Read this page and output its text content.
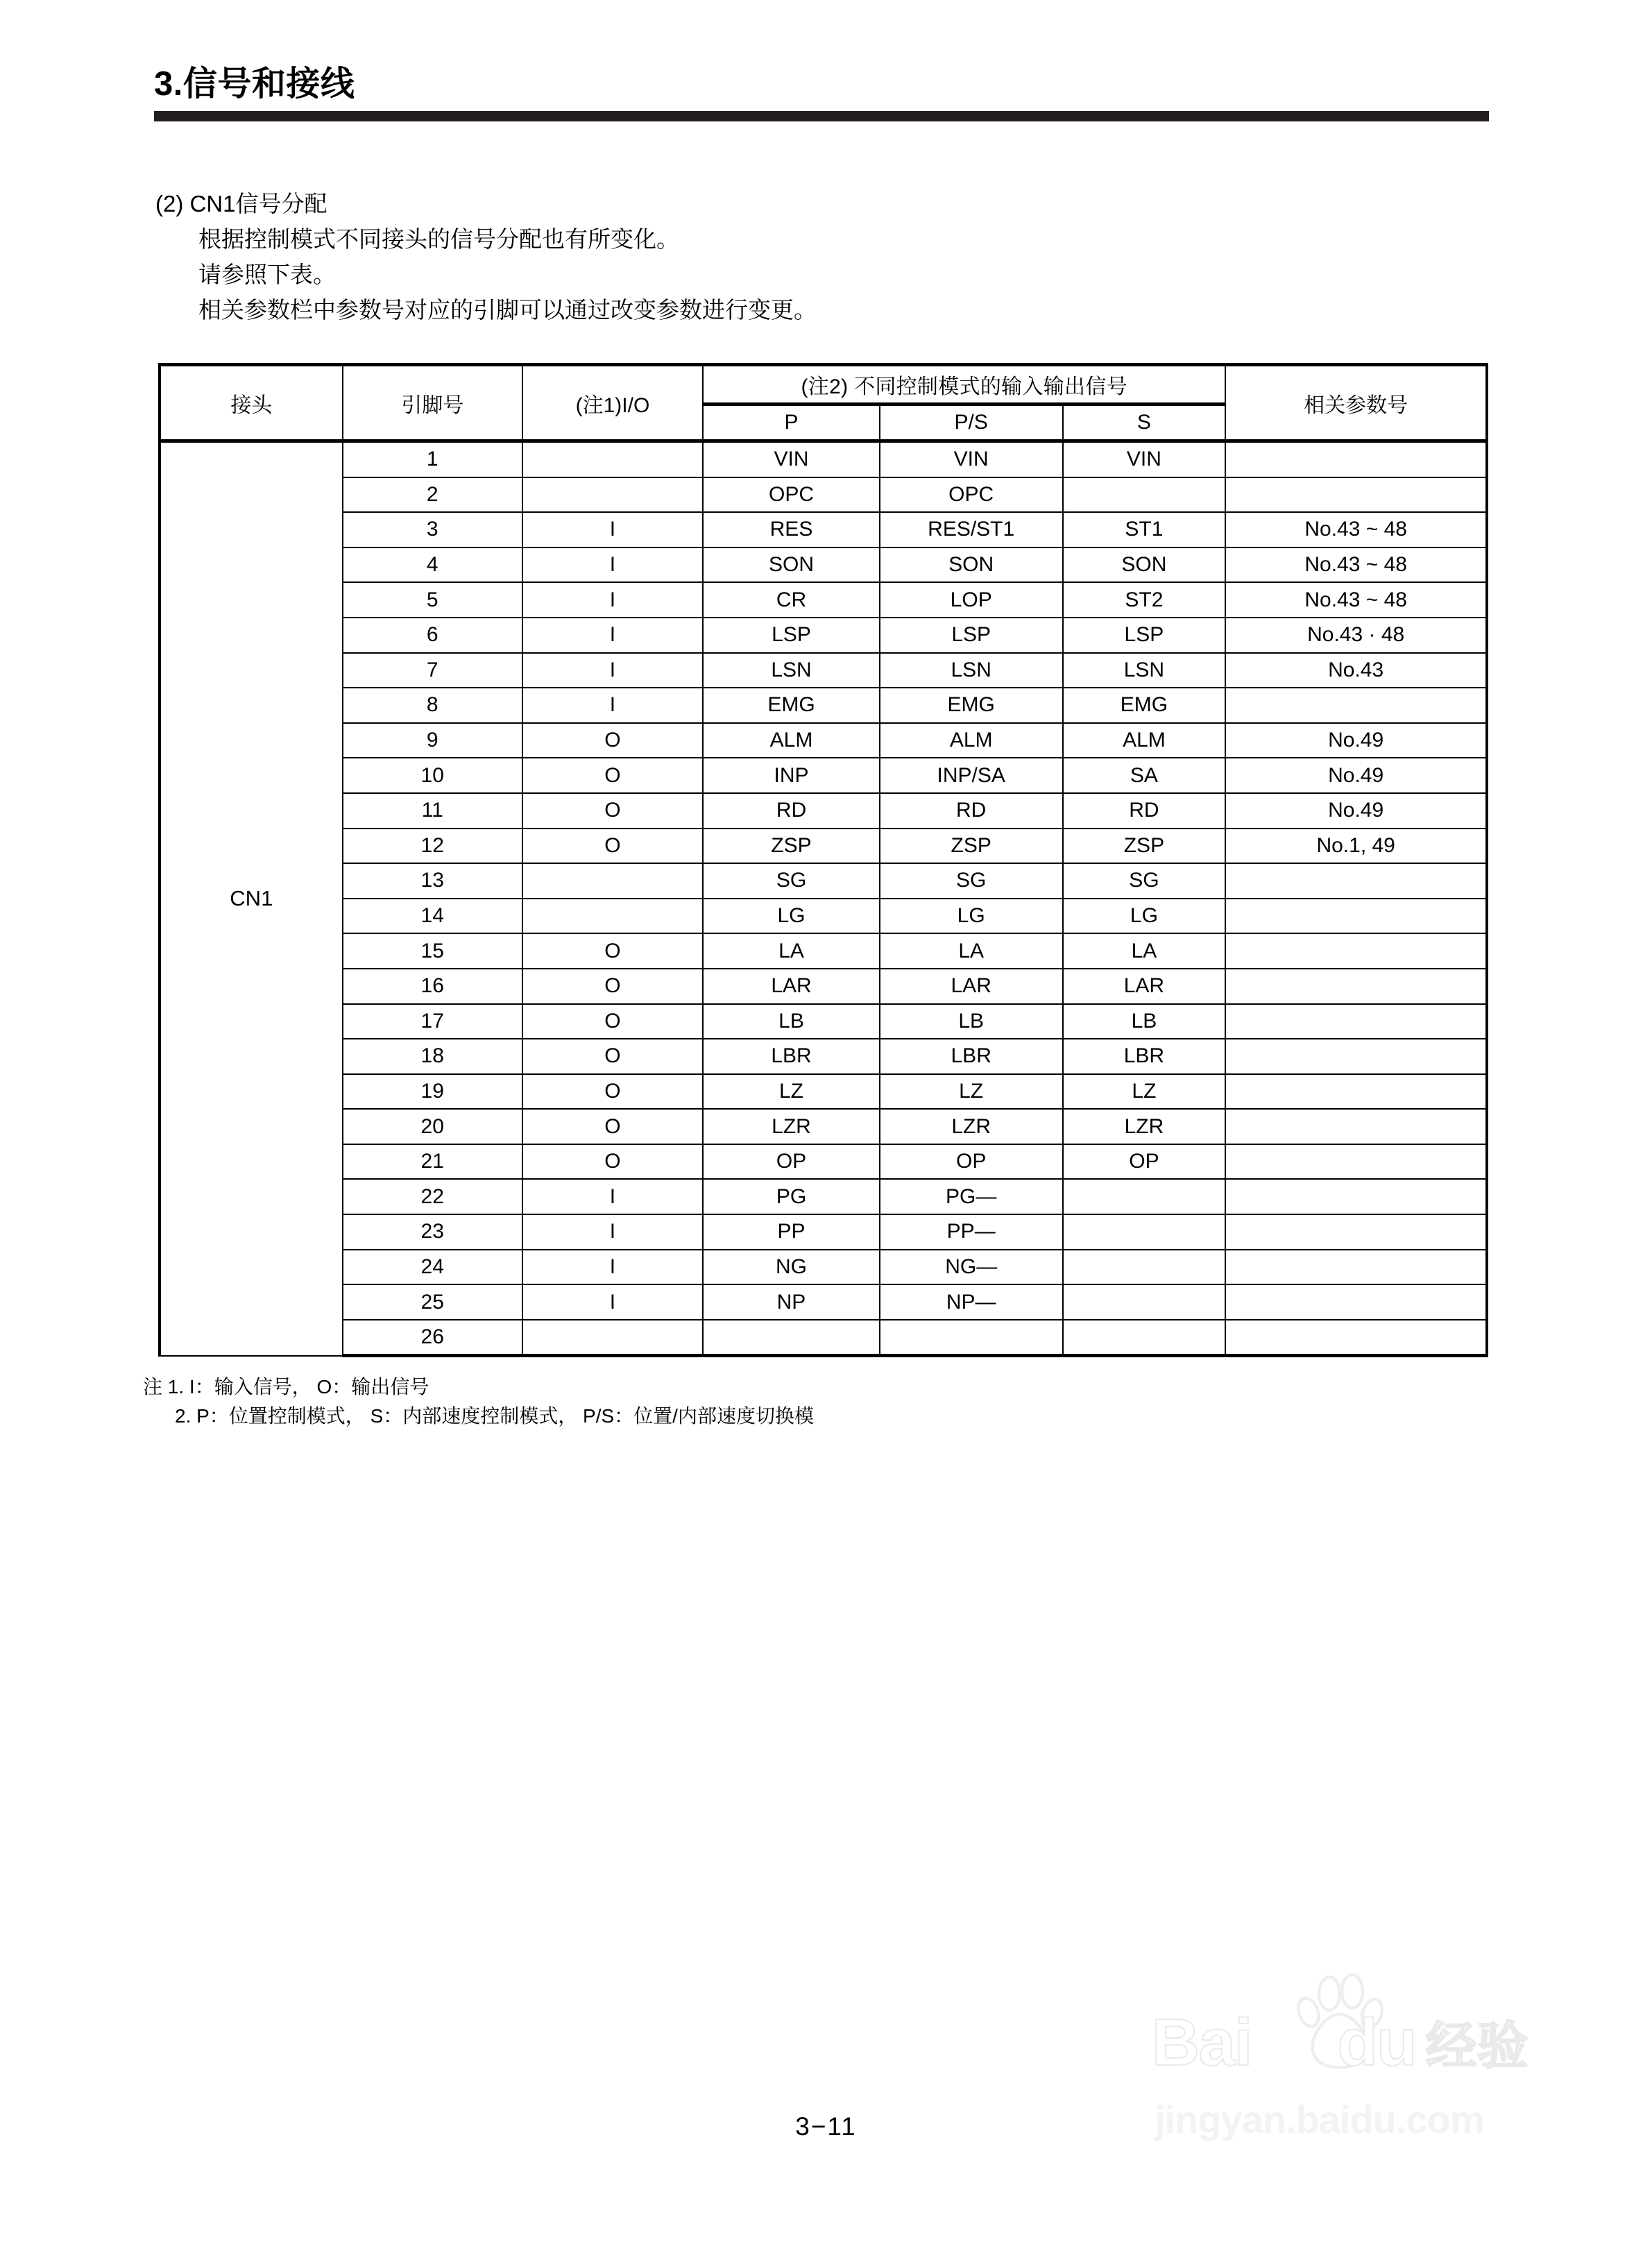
3.信号和接线
(2) CN1信号分配
根据控制模式不同接头的信号分配也有所变化。
请参照下表。
相关参数栏中参数号对应的引脚可以通过改变参数进行变更。
接头	引脚号	(注1)I/O	(注2) 不同控制模式的输入输出信号			相关参数号
			P	P/S	S	
CN1	1		VIN	VIN	VIN	
	2		OPC	OPC		
	3	I	RES	RES/ST1	ST1	No.43 ~ 48
	4	I	SON	SON	SON	No.43 ~ 48
	5	I	CR	LOP	ST2	No.43 ~ 48
	6	I	LSP	LSP	LSP	No.43 · 48
	7	I	LSN	LSN	LSN	No.43
	8	I	EMG	EMG	EMG	
	9	O	ALM	ALM	ALM	No.49
	10	O	INP	INP/SA	SA	No.49
	11	O	RD	RD	RD	No.49
	12	O	ZSP	ZSP	ZSP	No.1, 49
	13		SG	SG	SG	
	14		LG	LG	LG	
	15	O	LA	LA	LA	
	16	O	LAR	LAR	LAR	
	17	O	LB	LB	LB	
	18	O	LBR	LBR	LBR	
	19	O	LZ	LZ	LZ	
	20	O	LZR	LZR	LZR	
	21	O	OP	OP	OP	
	22	I	PG	PG—		
	23	I	PP	PP—		
	24	I	NG	NG—		
	25	I	NP	NP—		
	26					
注 1. I：输入信号， O：输出信号
2. P：位置控制模式， S：内部速度控制模式， P/S：位置/内部速度切换模
3−11
Bai du 经验
jingyan.baidu.com
